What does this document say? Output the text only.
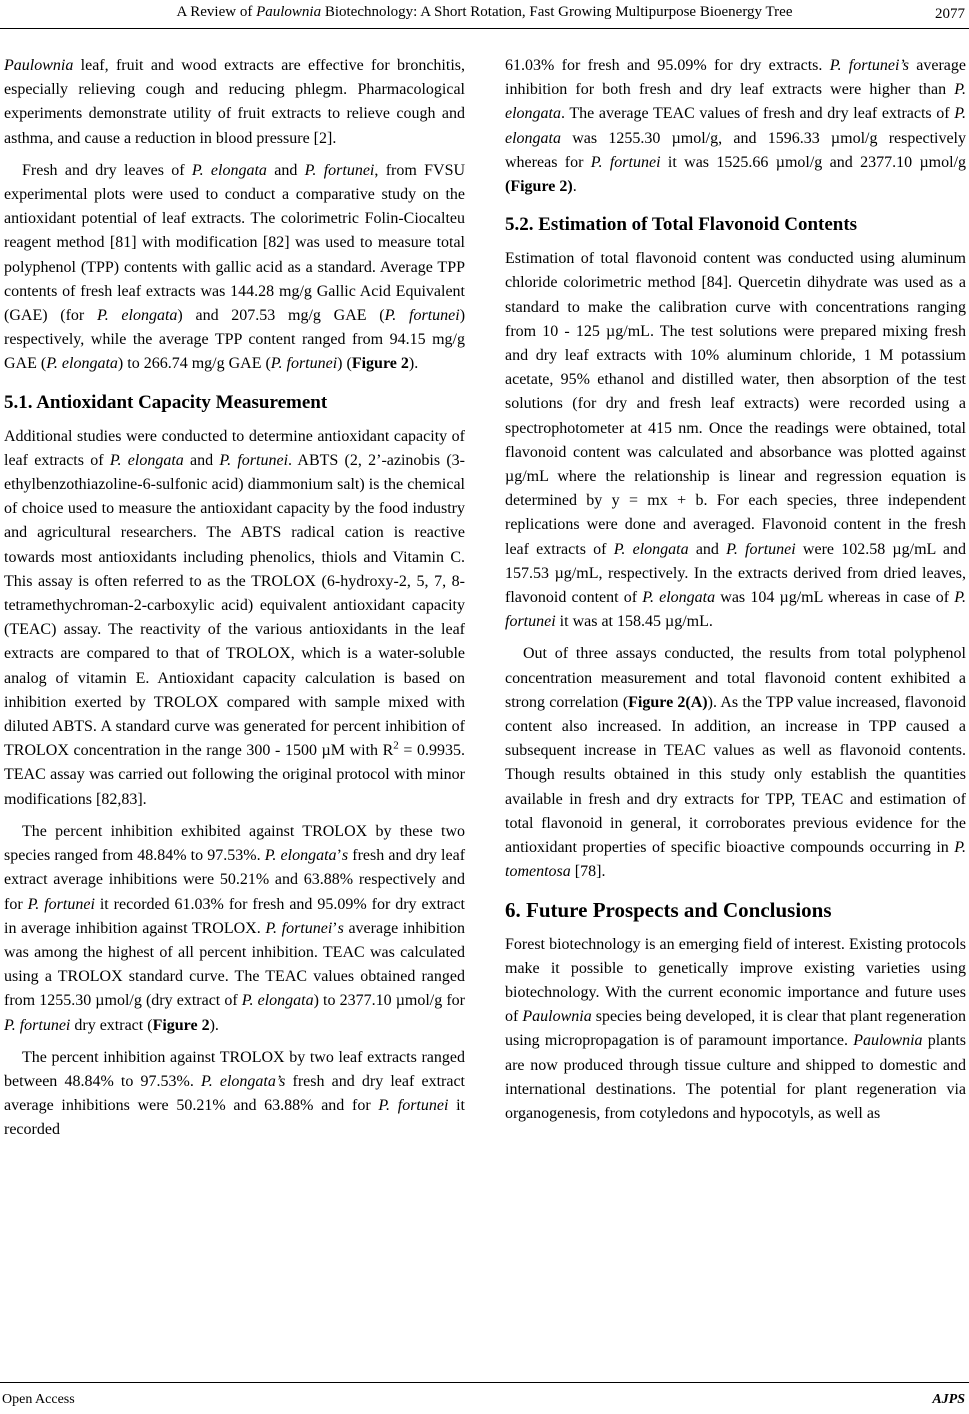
A Review of Paulownia Biotechnology: A Short Rotation, Fast Growing Multipurpose Bioenergy Tree	2077

Paulownia leaf, fruit and wood extracts are effective for bronchitis, especially relieving cough and reducing phlegm. Pharmacological experiments demonstrate utility of fruit extracts to relieve cough and asthma, and cause a reduction in blood pressure [2].

Fresh and dry leaves of P. elongata and P. fortunei, from FVSU experimental plots were used to conduct a comparative study on the antioxidant potential of leaf extracts. The colorimetric Folin-Ciocalteu reagent method [81] with modification [82] was used to measure total polyphenol (TPP) contents with gallic acid as a standard. Average TPP contents of fresh leaf extracts was 144.28 mg/g Gallic Acid Equivalent (GAE) (for P. elongata) and 207.53 mg/g GAE (P. fortunei) respectively, while the average TPP content ranged from 94.15 mg/g GAE (P. elongata) to 266.74 mg/g GAE (P. fortunei) (Figure 2).

5.1. Antioxidant Capacity Measurement

Additional studies were conducted to determine antioxidant capacity of leaf extracts of P. elongata and P. fortunei. ABTS (2, 2’-azinobis (3-ethylbenzothiazoline-6-sulfonic acid) diammonium salt) is the chemical of choice used to measure the antioxidant capacity by the food industry and agricultural researchers. The ABTS radical cation is reactive towards most antioxidants including phenolics, thiols and Vitamin C. This assay is often referred to as the TROLOX (6-hydroxy-2, 5, 7, 8-tetramethychroman-2-carboxylic acid) equivalent antioxidant capacity (TEAC) assay. The reactivity of the various antioxidants in the leaf extracts are compared to that of TROLOX, which is a water-soluble analog of vitamin E. Antioxidant capacity calculation is based on inhibition exerted by TROLOX compared with sample mixed with diluted ABTS. A standard curve was generated for percent inhibition of TROLOX concentration in the range 300 - 1500 µM with $R^2 = 0.9935$. TEAC assay was carried out following the original protocol with minor modifications [82,83].

The percent inhibition exhibited against TROLOX by these two species ranged from 48.84% to 97.53%. P. elongata’s fresh and dry leaf extract average inhibitions were 50.21% and 63.88% respectively and for P. fortunei it recorded 61.03% for fresh and 95.09% for dry extract in average inhibition against TROLOX. P. fortunei’s average inhibition was among the highest of all percent inhibition. TEAC was calculated using a TROLOX standard curve. The TEAC values obtained ranged from 1255.30 µmol/g (dry extract of P. elongata) to 2377.10 µmol/g for P. fortunei dry extract (Figure 2).

The percent inhibition against TROLOX by two leaf extracts ranged between 48.84% to 97.53%. P. elongata’s fresh and dry leaf extract average inhibitions were 50.21% and 63.88% and for P. fortunei it recorded

61.03% for fresh and 95.09% for dry extracts. P. fortunei’s average inhibition for both fresh and dry leaf extracts were higher than P. elongata. The average TEAC values of fresh and dry leaf extracts of P. elongata was 1255.30 µmol/g, and 1596.33 µmol/g respectively whereas for P. fortunei it was 1525.66 µmol/g and 2377.10 µmol/g (Figure 2).

5.2. Estimation of Total Flavonoid Contents

Estimation of total flavonoid content was conducted using aluminum chloride colorimetric method [84]. Quercetin dihydrate was used as a standard to make the calibration curve with concentrations ranging from 10 - 125 µg/mL. The test solutions were prepared mixing fresh and dry leaf extracts with 10% aluminum chloride, 1 M potassium acetate, 95% ethanol and distilled water, then absorption of the test solutions (for dry and fresh leaf extracts) were recorded using a spectrophotometer at 415 nm. Once the readings were obtained, total flavonoid content was calculated and absorbance was plotted against µg/mL where the relationship is linear and regression equation is determined by y = mx + b. For each species, three independent replications were done and averaged. Flavonoid content in the fresh leaf extracts of P. elongata and P. fortunei were 102.58 µg/mL and 157.53 µg/mL, respectively. In the extracts derived from dried leaves, flavonoid content of P. elongata was 104 µg/mL whereas in case of P. fortunei it was at 158.45 µg/mL.

Out of three assays conducted, the results from total polyphenol concentration measurement and total flavonoid content exhibited a strong correlation (Figure 2(A)). As the TPP value increased, flavonoid content also increased. In addition, an increase in TPP caused a subsequent increase in TEAC values as well as flavonoid contents. Though results obtained in this study only establish the quantities available in fresh and dry extracts for TPP, TEAC and estimation of total flavonoid in general, it corroborates previous evidence for the antioxidant properties of specific bioactive compounds occurring in P. tomentosa [78].

6. Future Prospects and Conclusions

Forest biotechnology is an emerging field of interest. Existing protocols make it possible to genetically improve existing varieties using biotechnology. With the current economic importance and future uses of Paulownia species being developed, it is clear that plant regeneration using micropropagation is of paramount importance. Paulownia plants are now produced through tissue culture and shipped to domestic and international destinations. The potential for plant regeneration via organogenesis, from cotyledons and hypocotyls, as well as

Open Access	AJPS
